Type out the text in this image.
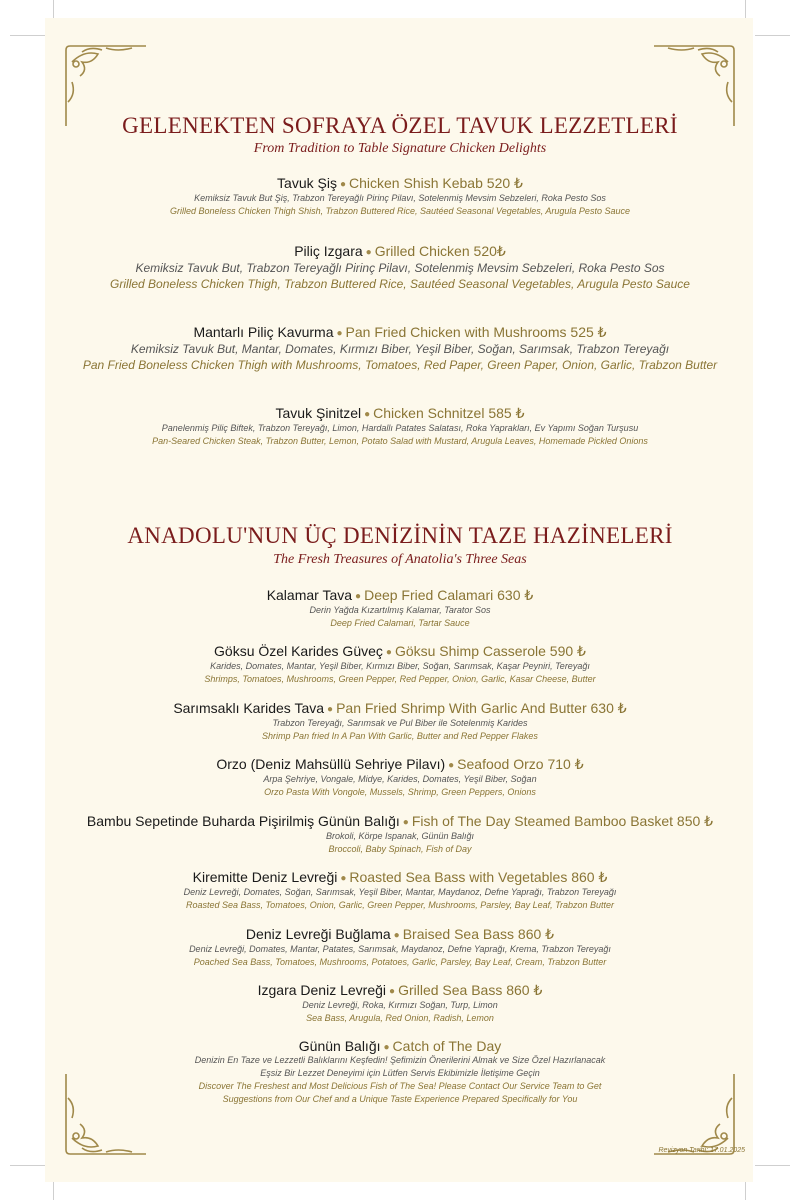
GELENEKTEN SOFRAYA ÖZEL TAVUK LEZZETLERİ
From Tradition to Table Signature Chicken Delights
Tavuk Şiş ● Chicken Shish Kebab 520 ₺
Kemiksiz Tavuk But Şiş, Trabzon Tereyağlı Pirinç Pilavı, Sotelenmiş Mevsim Sebzeleri, Roka Pesto Sos
Grilled Boneless Chicken Thigh Shish, Trabzon Buttered Rice, Sautéed Seasonal Vegetables, Arugula Pesto Sauce
Piliç Izgara ● Grilled Chicken 520₺
Kemiksiz Tavuk But, Trabzon Tereyağlı Pirinç Pilavı, Sotelenmiş Mevsim Sebzeleri, Roka Pesto Sos
Grilled Boneless Chicken Thigh, Trabzon Buttered Rice, Sautéed Seasonal Vegetables, Arugula Pesto Sauce
Mantarlı Piliç Kavurma ● Pan Fried Chicken with Mushrooms 525 ₺
Kemiksiz Tavuk But, Mantar, Domates, Kırmızı Biber, Yeşil Biber, Soğan, Sarımsak, Trabzon Tereyağı
Pan Fried Boneless Chicken Thigh with Mushrooms, Tomatoes, Red Paper, Green Paper, Onion, Garlic, Trabzon Butter
Tavuk Şinitzel ● Chicken Schnitzel 585 ₺
Panelenmiş Piliç Biftek, Trabzon Tereyağı, Limon, Hardallı Patates Salatası, Roka Yaprakları, Ev Yapımı Soğan Turşusu
Pan-Seared Chicken Steak, Trabzon Butter, Lemon, Potato Salad with Mustard, Arugula Leaves, Homemade Pickled Onions
ANADOLU'NUN ÜÇ DENİZİNİN TAZE HAZİNELERİ
The Fresh Treasures of Anatolia's Three Seas
Kalamar Tava ● Deep Fried Calamari 630 ₺
Derin Yağda Kızartılmış Kalamar, Tarator Sos
Deep Fried Calamari, Tartar Sauce
Göksu Özel Karides Güveç ● Göksu Shimp Casserole 590 ₺
Karides, Domates, Mantar, Yeşil Biber, Kırmızı Biber, Soğan, Sarımsak, Kaşar Peyniri, Tereyağı
Shrimps, Tomatoes, Mushrooms, Green Pepper, Red Pepper, Onion, Garlic, Kasar Cheese, Butter
Sarımsaklı Karides Tava ● Pan Fried Shrimp With Garlic And Butter 630 ₺
Trabzon Tereyağı, Sarımsak ve Pul Biber ile Sotelenmiş Karides
Shrimp Pan fried In A Pan With Garlic, Butter and Red Pepper Flakes
Orzo (Deniz Mahsüllü Sehriye Pilavı) ● Seafood Orzo 710 ₺
Arpa Şehriye, Vongale, Midye, Karides, Domates, Yeşil Biber, Soğan
Orzo Pasta With Vongole, Mussels, Shrimp, Green Peppers, Onions
Bambu Sepetinde Buharda Pişirilmiş Günün Balığı ● Fish of The Day Steamed Bamboo Basket 850 ₺
Brokoli, Körpe Ispanak, Günün Balığı
Broccoli, Baby Spinach, Fish of Day
Kiremitte Deniz Levreği ● Roasted Sea Bass with Vegetables 860 ₺
Deniz Levreği, Domates, Soğan, Sarımsak, Yeşil Biber, Mantar, Maydanoz, Defne Yaprağı, Trabzon Tereyağı
Roasted Sea Bass, Tomatoes, Onion, Garlic, Green Pepper, Mushrooms, Parsley, Bay Leaf, Trabzon Butter
Deniz Levreği Buğlama ● Braised Sea Bass 860 ₺
Deniz Levreği, Domates, Mantar, Patates, Sarımsak, Maydanoz, Defne Yaprağı, Krema, Trabzon Tereyağı
Poached Sea Bass, Tomatoes, Mushrooms, Potatoes, Garlic, Parsley, Bay Leaf, Cream, Trabzon Butter
Izgara Deniz Levreği ● Grilled Sea Bass 860 ₺
Deniz Levreği, Roka, Kırmızı Soğan, Turp, Limon
Sea Bass, Arugula, Red Onion, Radish, Lemon
Günün Balığı ● Catch of The Day
Denizin En Taze ve Lezzetli Balıklarını Keşfedin! Şefimizin Önerilerini Almak ve Size Özel Hazırlanacak
Eşsiz Bir Lezzet Deneyimi için Lütfen Servis Ekibimizle İletişime Geçin
Discover The Freshest and Most Delicious Fish of The Sea! Please Contact Our Service Team to Get
Suggestions from Our Chef and a Unique Taste Experience Prepared Specifically for You
Revizyon Tarihi: 17.01.2025
